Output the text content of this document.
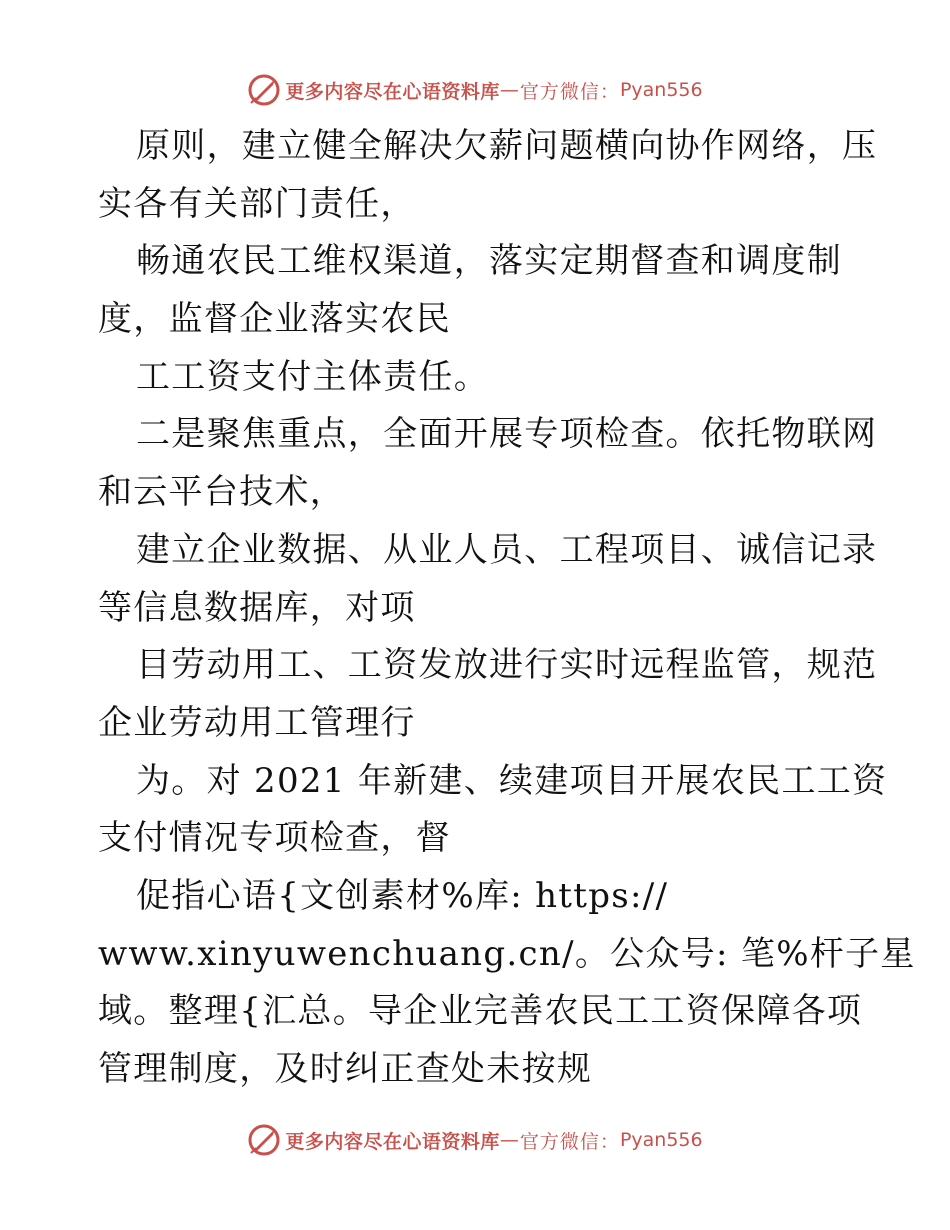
更多内容尽在心语资料库 — 官方微信： Pyan556
原则，建立健全解决欠薪问题横向协作网络，压
实各有关部门责任，
畅通农民工维权渠道，落实定期督查和调度制
度，监督企业落实农民
工工资支付主体责任。
二是聚焦重点，全面开展专项检查。依托物联网
和云平台技术，
建立企业数据、从业人员、工程项目、诚信记录
等信息数据库，对项
目劳动用工、工资发放进行实时远程监管，规范
企业劳动用工管理行
为。对 2021 年新建、续建项目开展农民工工资
支付情况专项检查，督
促指心语{文创素材%库: https://
www.xinyuwenchuang.cn/。公众号: 笔%杆子星
域。整理{汇总。导企业完善农民工工资保障各项
管理制度，及时纠正查处未按规
更多内容尽在心语资料库 — 官方微信： Pyan556
